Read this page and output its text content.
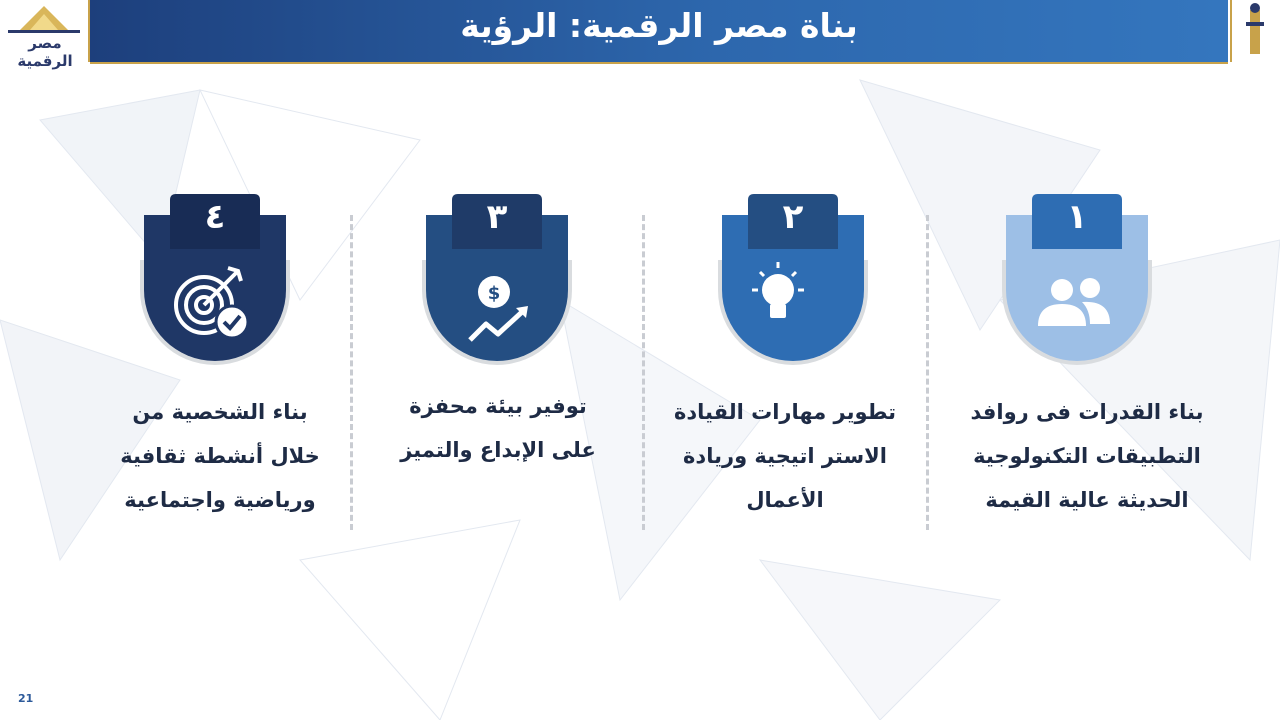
مصر الرقمية
بناة مصر الرقمية: الرؤية
١
٢
$
٣
٤
بناء القدرات فى روافد
التطبيقات التكنولوجية
الحديثة عالية القيمة
تطوير مهارات القيادة
الاستر اتيجية وريادة
الأعمال
توفير بيئة محفزة
على الإبداع والتميز
بناء الشخصية من
خلال أنشطة ثقافية
ورياضية واجتماعية
21
